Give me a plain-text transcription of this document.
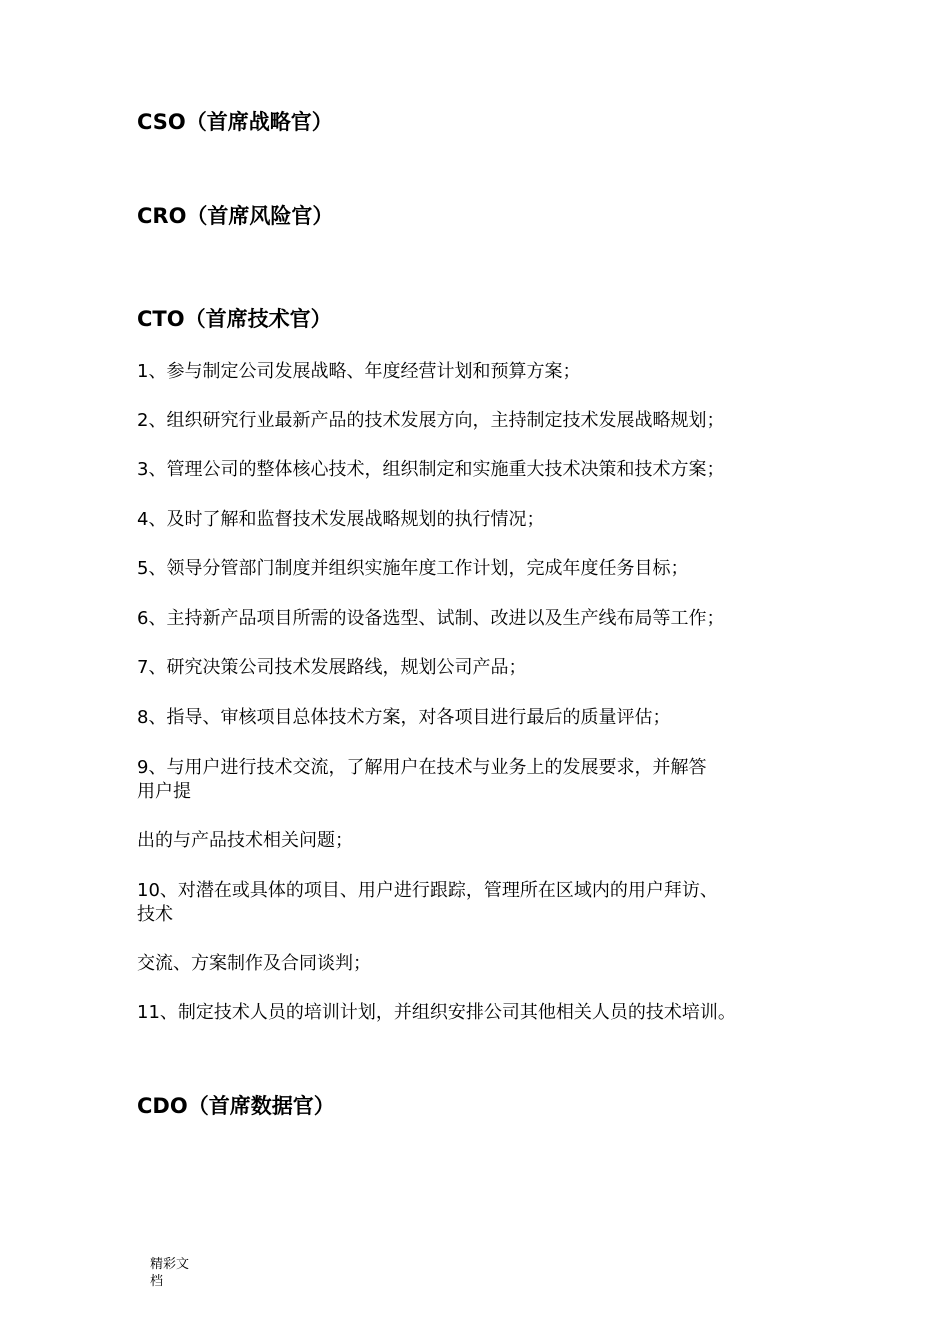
CSO（首席战略官）
CRO（首席风险官）
CTO（首席技术官）

1、参与制定公司发展战略、年度经营计划和预算方案；

2、组织研究行业最新产品的技术发展方向，主持制定技术发展战略规划；

3、管理公司的整体核心技术，组织制定和实施重大技术决策和技术方案；

4、及时了解和监督技术发展战略规划的执行情况；

5、领导分管部门制度并组织实施年度工作计划，完成年度任务目标；

6、主持新产品项目所需的设备选型、试制、改进以及生产线布局等工作；

7、研究决策公司技术发展路线，规划公司产品；

8、指导、审核项目总体技术方案，对各项目进行最后的质量评估；

9、与用户进行技术交流，了解用户在技术与业务上的发展要求，并解答

用户提

出的与产品技术相关问题；

10、对潜在或具体的项目、用户进行跟踪，管理所在区域内的用户拜访、

技术

交流、方案制作及合同谈判；

11、制定技术人员的培训计划，并组织安排公司其他相关人员的技术培训。

CDO（首席数据官）
精彩文
档
